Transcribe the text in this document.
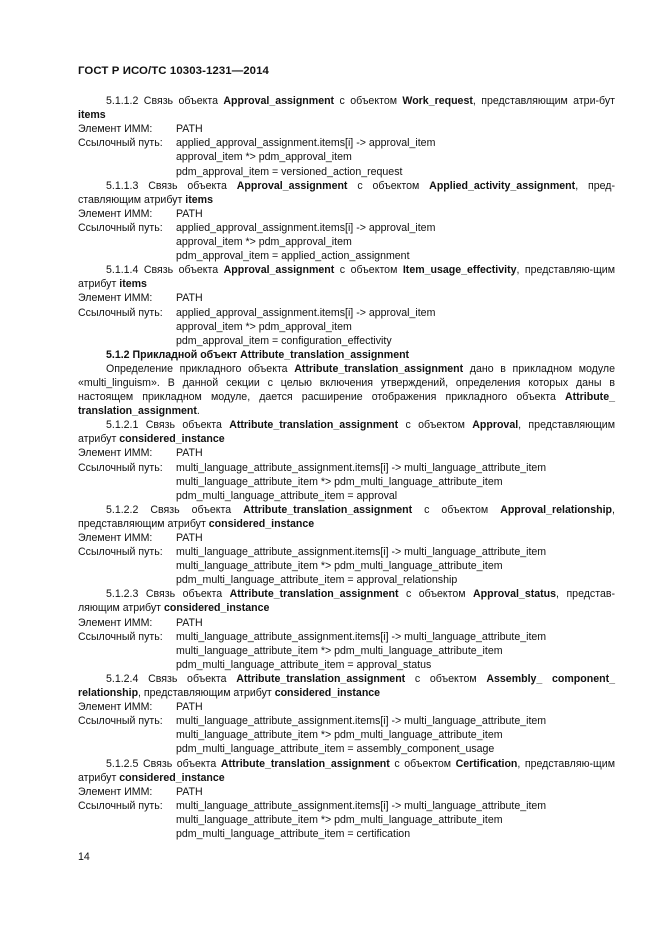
ГОСТ Р ИСО/ТС 10303-1231—2014
5.1.1.2 Связь объекта Approval_assignment с объектом Work_request, представляющим атри-бут items
Элемент ИММ:	PATH
Ссылочный путь:	applied_approval_assignment.items[i] -> approval_item
approval_item *> pdm_approval_item
pdm_approval_item = versioned_action_request
5.1.1.3 Связь объекта Approval_assignment с объектом Applied_activity_assignment, пред-ставляющим атрибут items
Элемент ИММ:	PATH
Ссылочный путь:	applied_approval_assignment.items[i] -> approval_item
approval_item *> pdm_approval_item
pdm_approval_item = applied_action_assignment
5.1.1.4 Связь объекта Approval_assignment с объектом Item_usage_effectivity, представляю-щим атрибут items
Элемент ИММ:	PATH
Ссылочный путь:	applied_approval_assignment.items[i] -> approval_item
approval_item *> pdm_approval_item
pdm_approval_item = configuration_effectivity
5.1.2 Прикладной объект Attribute_translation_assignment
Определение прикладного объекта Attribute_translation_assignment дано в прикладном модуле «multi_linguism». В данной секции с целью включения утверждений, определения которых даны в настоящем прикладном модуле, дается расширение отображения прикладного объекта Attribute_ translation_assignment.
5.1.2.1 Связь объекта Attribute_translation_assignment с объектом Approval, представляющим атрибут considered_instance
Элемент ИММ:	PATH
Ссылочный путь:	multi_language_attribute_assignment.items[i] -> multi_language_attribute_item
multi_language_attribute_item *> pdm_multi_language_attribute_item
pdm_multi_language_attribute_item = approval
5.1.2.2 Связь объекта Attribute_translation_assignment с объектом Approval_relationship, представляющим атрибут considered_instance
Элемент ИММ:	PATH
Ссылочный путь:	multi_language_attribute_assignment.items[i] -> multi_language_attribute_item
multi_language_attribute_item *> pdm_multi_language_attribute_item
pdm_multi_language_attribute_item = approval_relationship
5.1.2.3 Связь объекта Attribute_translation_assignment с объектом Approval_status, представ-ляющим атрибут considered_instance
Элемент ИММ:	PATH
Ссылочный путь:	multi_language_attribute_assignment.items[i] -> multi_language_attribute_item
multi_language_attribute_item *> pdm_multi_language_attribute_item
pdm_multi_language_attribute_item = approval_status
5.1.2.4 Связь объекта Attribute_translation_assignment с объектом Assembly_ component_ relationship, представляющим атрибут considered_instance
Элемент ИММ:	PATH
Ссылочный путь:	multi_language_attribute_assignment.items[i] -> multi_language_attribute_item
multi_language_attribute_item *> pdm_multi_language_attribute_item
pdm_multi_language_attribute_item = assembly_component_usage
5.1.2.5 Связь объекта Attribute_translation_assignment с объектом Certification, представляю-щим атрибут considered_instance
Элемент ИММ:	PATH
Ссылочный путь:	multi_language_attribute_assignment.items[i] -> multi_language_attribute_item
multi_language_attribute_item *> pdm_multi_language_attribute_item
pdm_multi_language_attribute_item = certification
14
